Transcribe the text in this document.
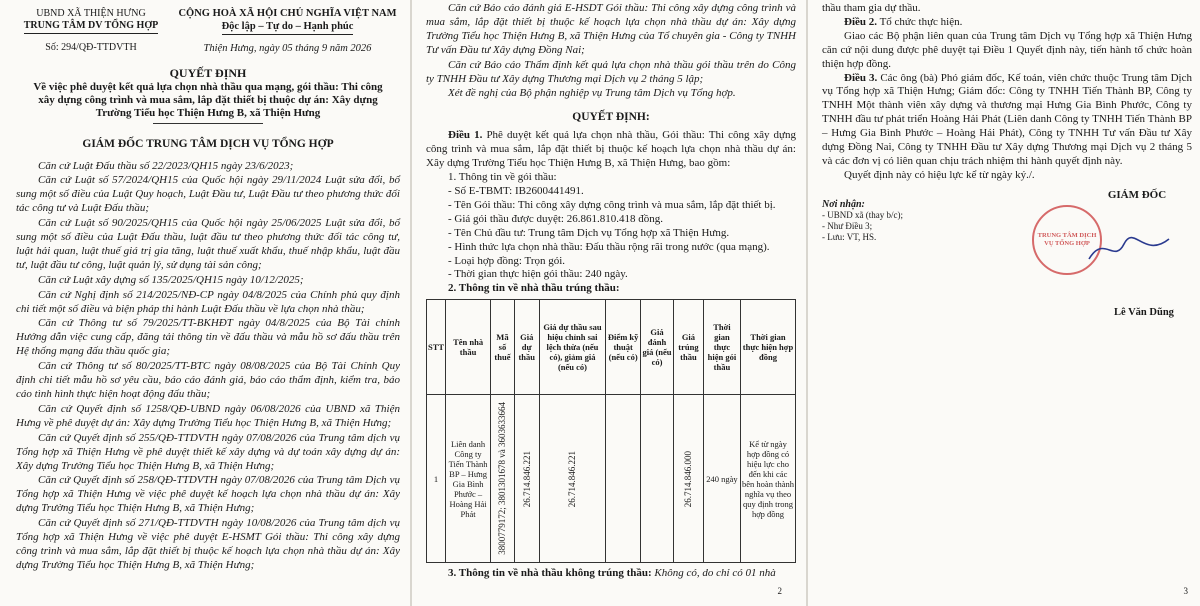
UBND XÃ THIỆN HƯNG
TRUNG TÂM DV TỔNG HỢP
Số: 294/QĐ-TTDVTH
CỘNG HOÀ XÃ HỘI CHỦ NGHĨA VIỆT NAM
Độc lập – Tự do – Hạnh phúc
Thiện Hưng, ngày 05 tháng 9 năm 2026

QUYẾT ĐỊNH

Về việc phê duyệt kết quả lựa chọn nhà thầu qua mạng, gói thầu: Thi công xây dựng công trình và mua sắm, lắp đặt thiết bị thuộc dự án: Xây dựng Trường Tiểu học Thiện Hưng B, xã Thiện Hưng

GIÁM ĐỐC TRUNG TÂM DỊCH VỤ TỔNG HỢP

Căn cứ Luật Đấu thầu số 22/2023/QH15 ngày 23/6/2023;

Căn cứ Luật số 57/2024/QH15 của Quốc hội ngày 29/11/2024 Luật sửa đổi, bổ sung một số điều của Luật Quy hoạch, Luật Đầu tư, Luật Đầu tư theo phương thức đối tác công tư và Luật Đấu thầu;

Căn cứ Luật số 90/2025/QH15 của Quốc hội ngày 25/06/2025 Luật sửa đổi, bổ sung một số điều của Luật Đấu thầu, luật đầu tư theo phương thức đối tác công tư, luật hải quan, luật thuế giá trị gia tăng, luật thuế xuất khẩu, thuế nhập khẩu, luật đầu tư, luật đầu tư công, luật quản lý, sử dụng tài sản công;

Căn cứ Luật xây dựng số 135/2025/QH15 ngày 10/12/2025;

Căn cứ Nghị định số 214/2025/NĐ-CP ngày 04/8/2025 của Chính phủ quy định chi tiết một số điều và biện pháp thi hành Luật Đấu thầu về lựa chọn nhà thầu;

Căn cứ Thông tư số 79/2025/TT-BKHĐT ngày 04/8/2025 của Bộ Tài chính Hướng dẫn việc cung cấp, đăng tải thông tin về đấu thầu và mẫu hồ sơ đấu thầu trên Hệ thống mạng đấu thầu quốc gia;

Căn cứ Thông tư số 80/2025/TT-BTC ngày 08/08/2025 của Bộ Tài Chính Quy định chi tiết mẫu hồ sơ yêu cầu, báo cáo đánh giá, báo cáo thẩm định, kiểm tra, báo cáo tình hình thực hiện hoạt động đấu thầu;

Căn cứ Quyết định số 1258/QĐ-UBND ngày 06/08/2026 của UBND xã Thiện Hưng về phê duyệt dự án: Xây dựng Trường Tiểu học Thiện Hưng B, xã Thiện Hưng;

Căn cứ Quyết định số 255/QĐ-TTDVTH ngày 07/08/2026 của Trung tâm dịch vụ Tổng hợp xã Thiện Hưng về phê duyệt thiết kế xây dựng và dự toán xây dựng dự án: Xây dựng Trường Tiểu học Thiện Hưng B, xã Thiện Hưng;

Căn cứ Quyết định số 258/QĐ-TTDVTH ngày 07/08/2026 của Trung tâm Dịch vụ Tổng hợp xã Thiện Hưng về việc phê duyệt kế hoạch lựa chọn nhà thầu dự án: Xây dựng Trường Tiểu học Thiện Hưng B, xã Thiện Hưng;

Căn cứ Quyết định số 271/QĐ-TTDVTH ngày 10/08/2026 của Trung tâm dịch vụ Tổng hợp xã Thiện Hưng về việc phê duyệt E-HSMT Gói thầu: Thi công xây dựng công trình và mua sắm, lắp đặt thiết bị thuộc kế hoạch lựa chọn nhà thầu dự án: Xây dựng Trường Tiểu học Thiện Hưng B, xã Thiện Hưng;

Căn cứ Báo cáo đánh giá E-HSDT Gói thầu: Thi công xây dựng công trình và mua sắm, lắp đặt thiết bị thuộc kế hoạch lựa chọn nhà thầu dự án: Xây dựng Trường Tiểu học Thiện Hưng B, xã Thiện Hưng của Tổ chuyên gia - Công ty TNHH Tư vấn Đầu tư Xây dựng Đồng Nai;

Căn cứ Báo cáo Thẩm định kết quả lựa chọn nhà thầu gói thầu trên do Công ty TNHH Đầu tư Xây dựng Thương mại Dịch vụ 2 tháng 5 lập;

Xét đề nghị của Bộ phận nghiệp vụ Trung tâm Dịch vụ Tổng hợp.

QUYẾT ĐỊNH:

Điều 1. Phê duyệt kết quả lựa chọn nhà thầu, Gói thầu: Thi công xây dựng công trình và mua sắm, lắp đặt thiết bị thuộc kế hoạch lựa chọn nhà thầu dự án: Xây dựng Trường Tiểu học Thiện Hưng B, xã Thiện Hưng, bao gồm:

1. Thông tin về gói thầu:

- Số E-TBMT: IB2600441491.

- Tên Gói thầu: Thi công xây dựng công trình và mua sắm, lắp đặt thiết bị.

- Giá gói thầu được duyệt: 26.861.810.418 đồng.

- Tên Chủ đầu tư: Trung tâm Dịch vụ Tổng hợp xã Thiện Hưng.

- Hình thức lựa chọn nhà thầu: Đấu thầu rộng rãi trong nước (qua mạng).

- Loại hợp đồng: Trọn gói.

- Thời gian thực hiện gói thầu: 240 ngày.

2. Thông tin về nhà thầu trúng thầu:

STT	Tên nhà thầu	Mã số thuế	Giá dự thầu	Giá dự thầu sau hiệu chỉnh sai lệch thừa (nếu có), giảm giá (nếu có)	Điểm kỹ thuật (nếu có)	Giá đánh giá (nếu có)	Giá trúng thầu	Thời gian thực hiện gói thầu	Thời gian thực hiện hợp đồng
1	Liên danh Công ty Tiến Thành BP – Hưng Gia Bình Phước – Hoàng Hải Phát	3800779172; 3801301678 và 3603633664	26.714.846.221	26.714.846.221			26.714.846.000	240 ngày	Kể từ ngày hợp đồng có hiệu lực cho đến khi các bên hoàn thành nghĩa vụ theo quy định trong hợp đồng

3. Thông tin về nhà thầu không trúng thầu: Không có, do chỉ có 01 nhà

2

thầu tham gia dự thầu.

Điều 2. Tổ chức thực hiện.

Giao các Bộ phận liên quan của Trung tâm Dịch vụ Tổng hợp xã Thiện Hưng căn cứ nội dung được phê duyệt tại Điều 1 Quyết định này, tiến hành tổ chức hoàn thiện hợp đồng.

Điều 3. Các ông (bà) Phó giám đốc, Kế toán, viên chức thuộc Trung tâm Dịch vụ Tổng hợp xã Thiện Hưng; Giám đốc: Công ty TNHH Tiến Thành BP, Công ty TNHH Một thành viên xây dựng và thương mại Hưng Gia Bình Phước, Công ty TNHH đầu tư phát triển Hoàng Hải Phát (Liên danh Công ty TNHH Tiến Thành BP – Hưng Gia Bình Phước – Hoàng Hải Phát), Công ty TNHH Tư vấn Đầu tư Xây dựng Đồng Nai, Công ty TNHH Đầu tư Xây dựng Thương mại Dịch vụ 2 tháng 5 và các đơn vị có liên quan chịu trách nhiệm thi hành quyết định này.

Quyết định này có hiệu lực kể từ ngày ký./.

Nơi nhận:

- UBND xã (thay b/c);

- Như Điều 3;

- Lưu: VT, HS.

GIÁM ĐỐC
TRUNG TÂM DỊCH VỤ TỔNG HỢP
Lê Văn Dũng
3
